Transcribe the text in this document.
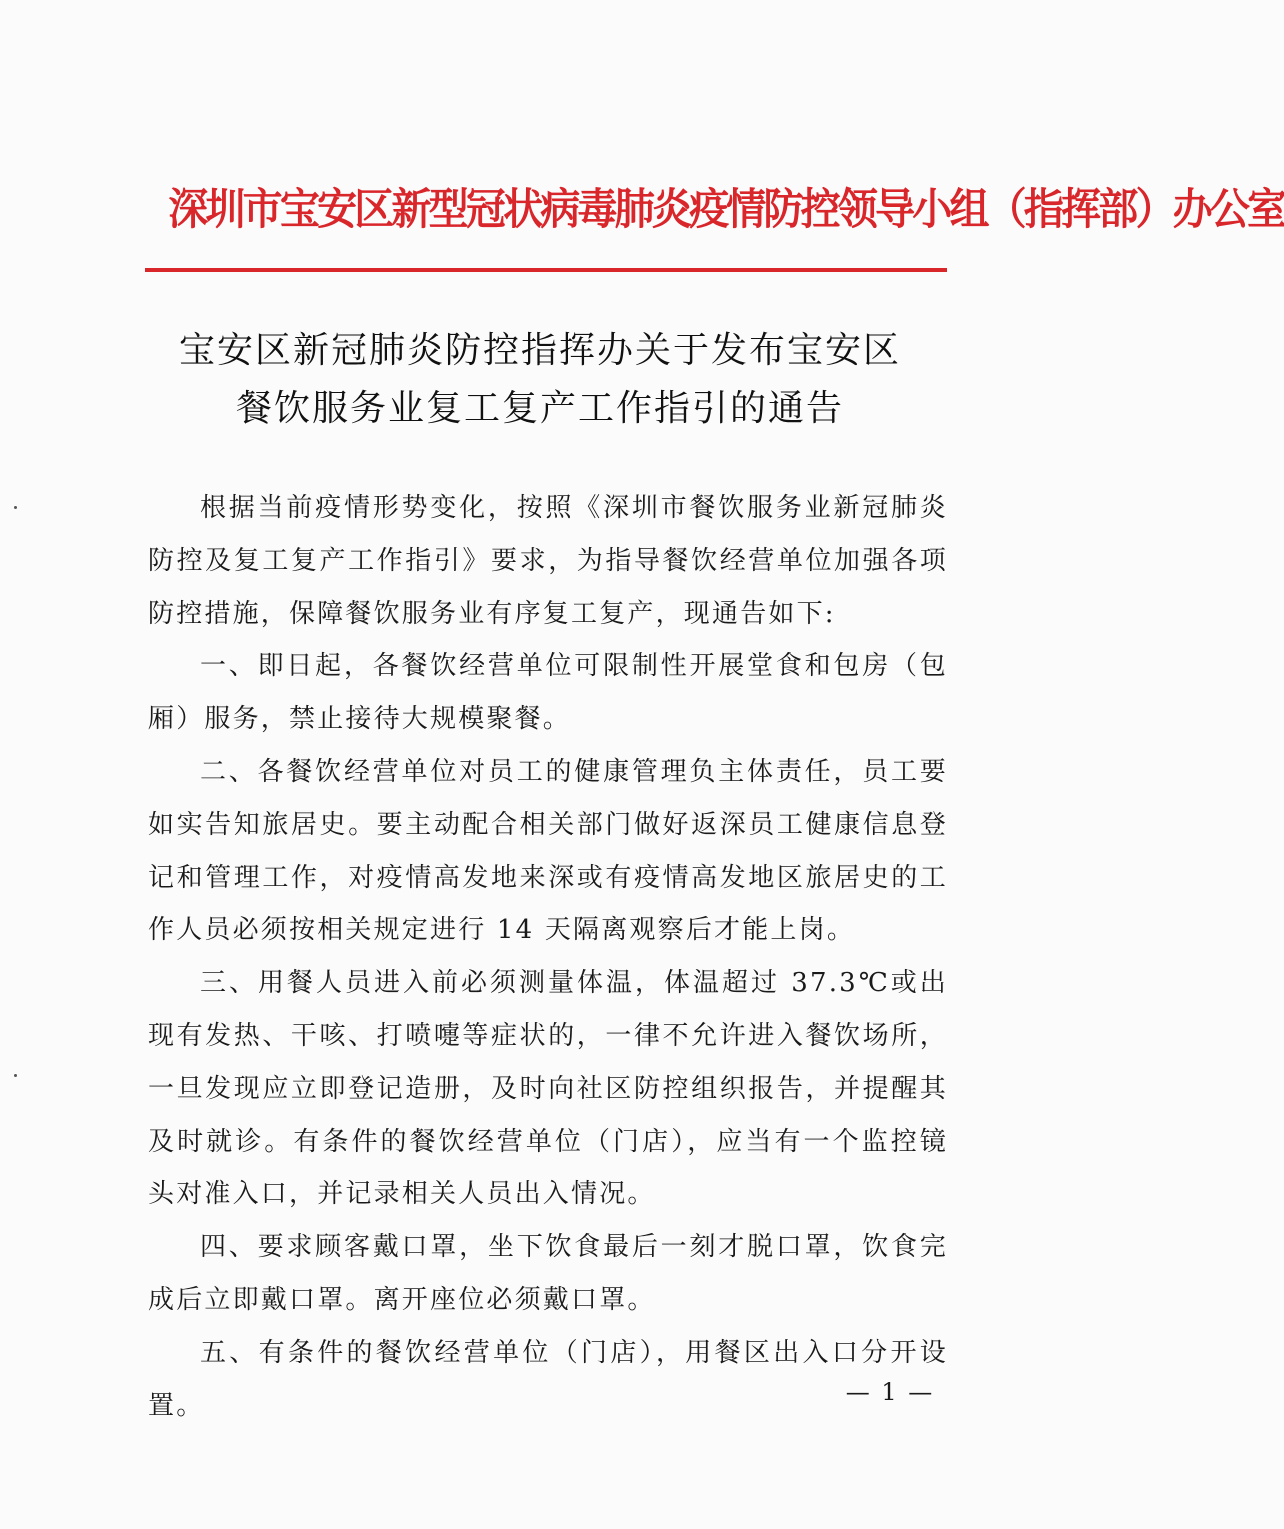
深圳市宝安区新型冠状病毒肺炎疫情防控领导小组（指挥部）办公室
宝安区新冠肺炎防控指挥办关于发布宝安区
餐饮服务业复工复产工作指引的通告

根据当前疫情形势变化，按照《深圳市餐饮服务业新冠肺炎防控及复工复产工作指引》要求，为指导餐饮经营单位加强各项防控措施，保障餐饮服务业有序复工复产，现通告如下:

一、即日起，各餐饮经营单位可限制性开展堂食和包房（包厢）服务，禁止接待大规模聚餐。

二、各餐饮经营单位对员工的健康管理负主体责任，员工要如实告知旅居史。要主动配合相关部门做好返深员工健康信息登记和管理工作，对疫情高发地来深或有疫情高发地区旅居史的工作人员必须按相关规定进行 14 天隔离观察后才能上岗。

三、用餐人员进入前必须测量体温，体温超过 37.3℃或出现有发热、干咳、打喷嚏等症状的，一律不允许进入餐饮场所，一旦发现应立即登记造册，及时向社区防控组织报告，并提醒其及时就诊。有条件的餐饮经营单位（门店），应当有一个监控镜头对准入口，并记录相关人员出入情况。

四、要求顾客戴口罩，坐下饮食最后一刻才脱口罩，饮食完成后立即戴口罩。离开座位必须戴口罩。

五、有条件的餐饮经营单位（门店），用餐区出入口分开设置。	— 1 —
